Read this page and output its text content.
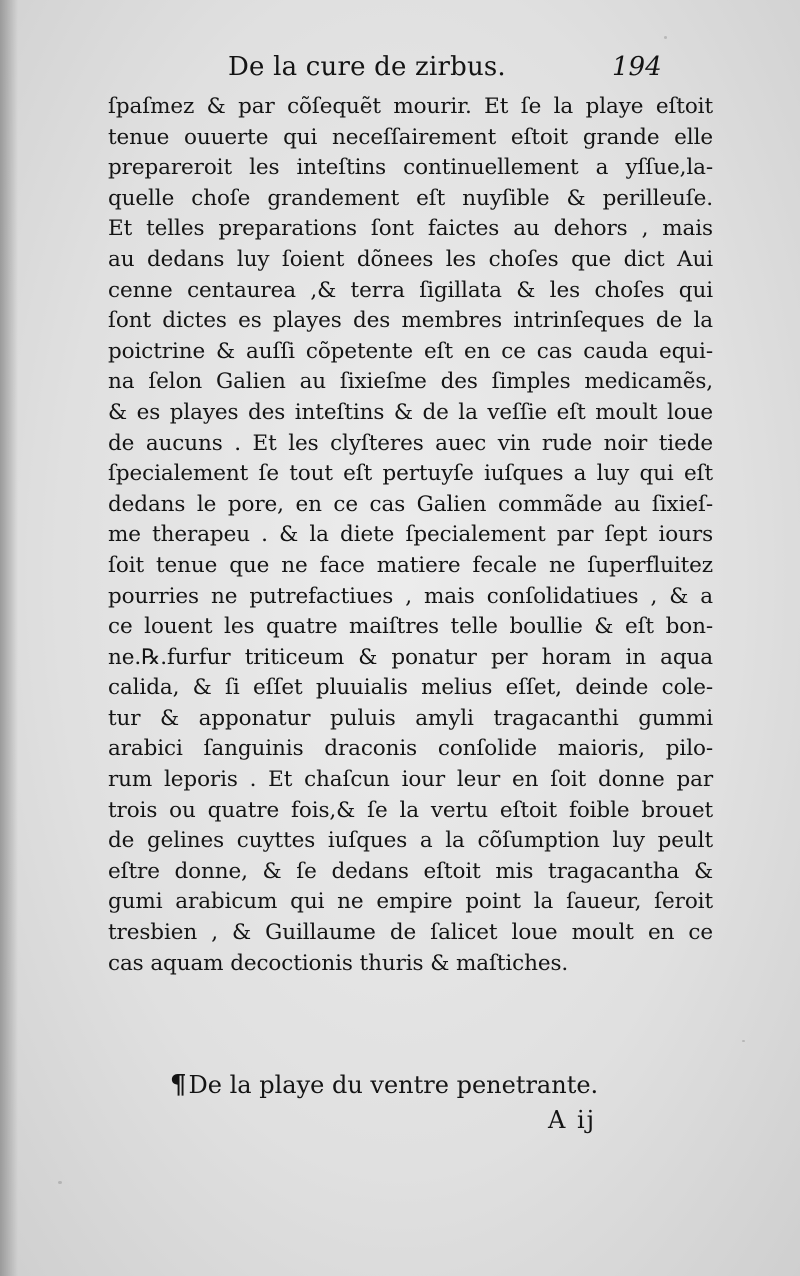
De la cure de zirbus.	194
ſpaſmez & par cõſequẽt mourir. Et ſe la playe eſtoit
tenue ouuerte qui neceſſairement eſtoit grande elle
prepareroit les inteſtins continuellement a yſſue,la-
quelle choſe grandement eſt nuyſible & perilleuſe.
Et telles preparations ſont faictes au dehors , mais
au dedans luy ſoient dõnees les choſes que dict Aui
cenne centaurea ,& terra ſigillata & les choſes qui
ſont dictes es playes des membres intrinſeques de la
poictrine & auſſi cõpetente eſt en ce cas cauda equi-
na ſelon Galien au ſixieſme des ſimples medicamẽs,
& es playes des inteſtins & de la veſſie eſt moult loue
de aucuns . Et les clyſteres auec vin rude noir tiede
ſpecialement ſe tout eſt pertuyſe iuſques a luy qui eſt
dedans le pore, en ce cas Galien commãde au ſixieſ-
me therapeu . & la diete ſpecialement par ſept iours
ſoit tenue que ne face matiere fecale ne ſuperfluitez
pourries ne putrefactiues , mais conſolidatiues , & a
ce louent les quatre maiſtres telle boullie & eſt bon-
ne.℞.furfur triticeum & ponatur per horam in aqua
calida, & ſi eſſet pluuialis melius eſſet, deinde cole-
tur & apponatur puluis amyli tragacanthi gummi
arabici ſanguinis draconis conſolide maioris, pilo-
rum leporis . Et chaſcun iour leur en ſoit donne par
trois ou quatre fois,& ſe la vertu eſtoit foible brouet
de gelines cuyttes iuſques a la cõſumption luy peult
eſtre donne, & ſe dedans eſtoit mis tragacantha &
gumi arabicum qui ne empire point la ſaueur, ſeroit
tresbien , & Guillaume de ſalicet loue moult en ce
cas aquam decoctionis thuris & maſtiches.
¶De la playe du ventre penetrante.
A ij
